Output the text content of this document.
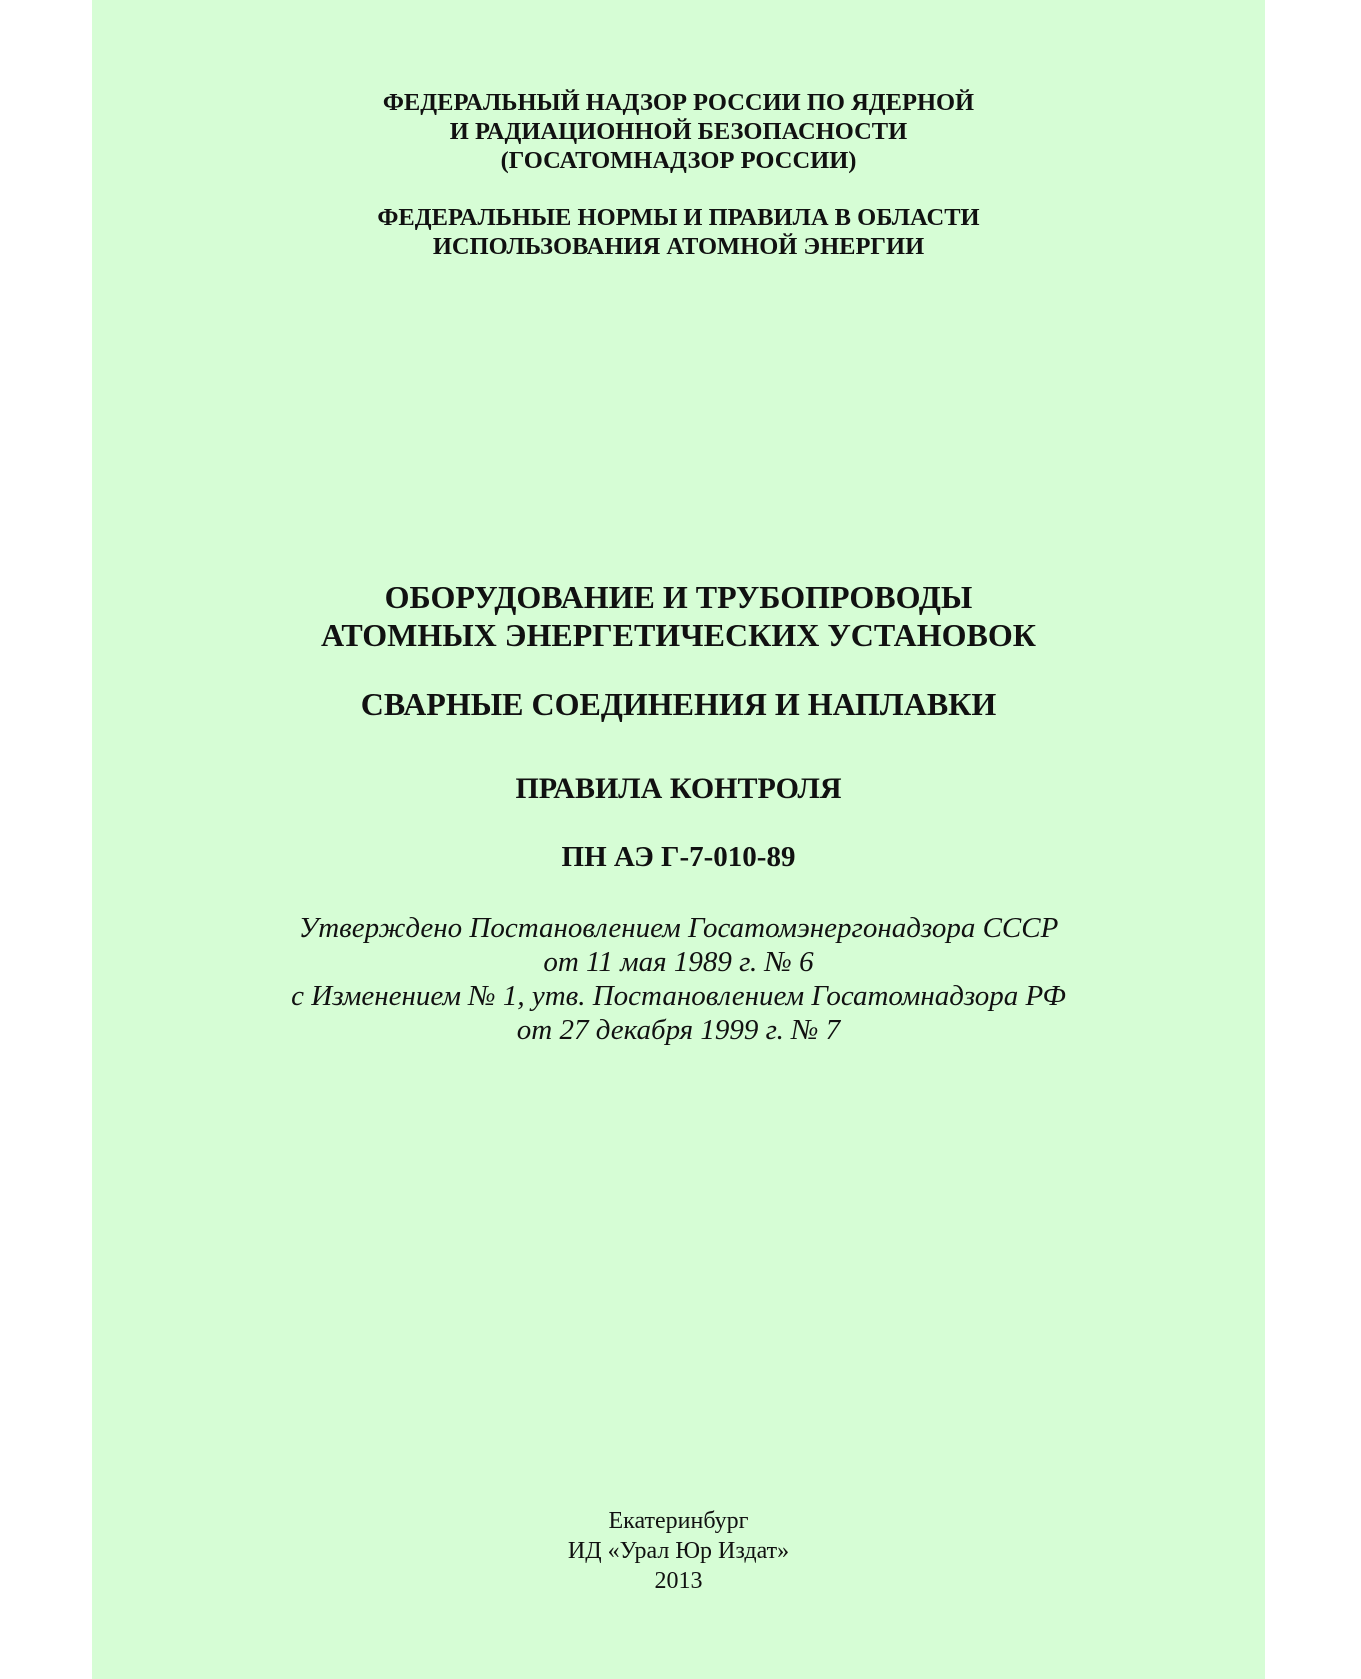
ФЕДЕРАЛЬНЫЙ НАДЗОР РОССИИ ПО ЯДЕРНОЙ
И РАДИАЦИОННОЙ БЕЗОПАСНОСТИ
(ГОСАТОМНАДЗОР РОССИИ)
ФЕДЕРАЛЬНЫЕ НОРМЫ И ПРАВИЛА В ОБЛАСТИ
ИСПОЛЬЗОВАНИЯ АТОМНОЙ ЭНЕРГИИ
ОБОРУДОВАНИЕ И ТРУБОПРОВОДЫ
АТОМНЫХ ЭНЕРГЕТИЧЕСКИХ УСТАНОВОК
СВАРНЫЕ СОЕДИНЕНИЯ И НАПЛАВКИ
ПРАВИЛА КОНТРОЛЯ
ПН АЭ Г-7-010-89
Утверждено Постановлением Госатомэнергонадзора СССР
от 11 мая 1989 г. № 6
с Изменением № 1, утв. Постановлением Госатомнадзора РФ
от 27 декабря 1999 г. № 7
Екатеринбург
ИД «Урал Юр Издат»
2013
